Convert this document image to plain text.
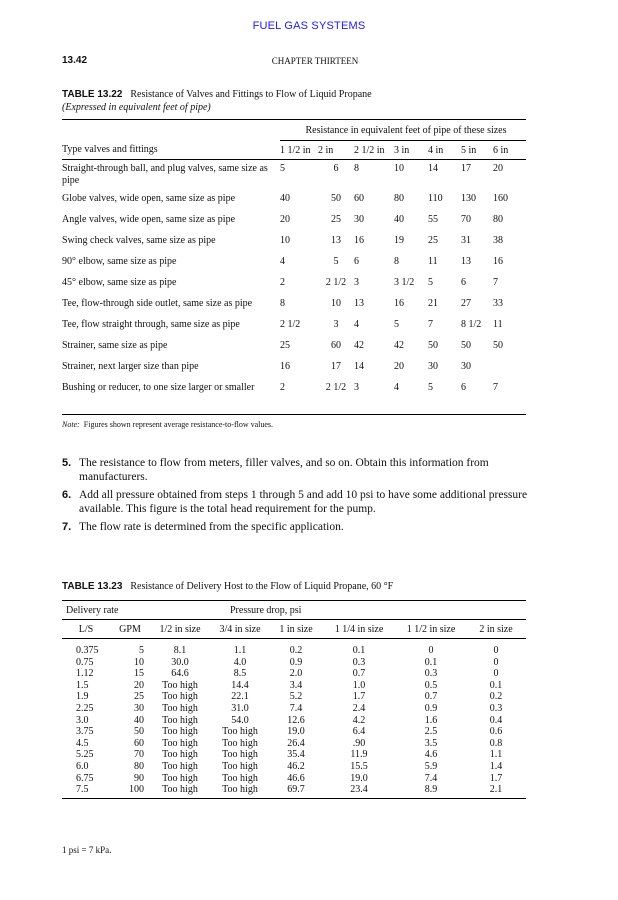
FUEL GAS SYSTEMS
13.42	CHAPTER THIRTEEN
TABLE 13.22 Resistance of Valves and Fittings to Flow of Liquid Propane
(Expressed in equivalent feet of pipe)
	Resistance in equivalent feet of pipe of these sizes						
Type valves and fittings	1 1/2 in	2 in	2 1/2 in	3 in	4 in	5 in	6 in
Straight-through ball, and plug valves, same size as pipe	5	6	8	10	14	17	20
Globe valves, wide open, same size as pipe	40	50	60	80	110	130	160
Angle valves, wide open, same size as pipe	20	25	30	40	55	70	80
Swing check valves, same size as pipe	10	13	16	19	25	31	38
90° elbow, same size as pipe	4	5	6	8	11	13	16
45° elbow, same size as pipe	2	2 1/2	3	3 1/2	5	6	7
Tee, flow-through side outlet, same size as pipe	8	10	13	16	21	27	33
Tee, flow straight through, same size as pipe	2 1/2	3	4	5	7	8 1/2	11
Strainer, same size as pipe	25	60	42	42	50	50	50
Strainer, next larger size than pipe	16	17	14	20	30	30	
Bushing or reducer, to one size larger or smaller	2	2 1/2	3	4	5	6	7
Note: Figures shown represent average resistance-to-flow values.
5. The resistance to flow from meters, filler valves, and so on. Obtain this information from manufacturers.
6. Add all pressure obtained from steps 1 through 5 and add 10 psi to have some additional pressure available. This figure is the total head requirement for the pump.
7. The flow rate is determined from the specific application.
TABLE 13.23 Resistance of Delivery Host to the Flow of Liquid Propane, 60 °F
Delivery rate			Pressure drop, psi				
L/S	GPM	1/2 in size	3/4 in size	1 in size	1 1/4 in size	1 1/2 in size	2 in size
0.375	5	8.1	1.1	0.2	0.1	0	0
0.75	10	30.0	4.0	0.9	0.3	0.1	0
1.12	15	64.6	8.5	2.0	0.7	0.3	0
1.5	20	Too high	14.4	3.4	1.0	0.5	0.1
1.9	25	Too high	22.1	5.2	1.7	0.7	0.2
2.25	30	Too high	31.0	7.4	2.4	0.9	0.3
3.0	40	Too high	54.0	12.6	4.2	1.6	0.4
3.75	50	Too high	Too high	19.0	6.4	2.5	0.6
4.5	60	Too high	Too high	26.4	.90	3.5	0.8
5.25	70	Too high	Too high	35.4	11.9	4.6	1.1
6.0	80	Too high	Too high	46.2	15.5	5.9	1.4
6.75	90	Too high	Too high	46.6	19.0	7.4	1.7
7.5	100	Too high	Too high	69.7	23.4	8.9	2.1
1 psi = 7 kPa.
